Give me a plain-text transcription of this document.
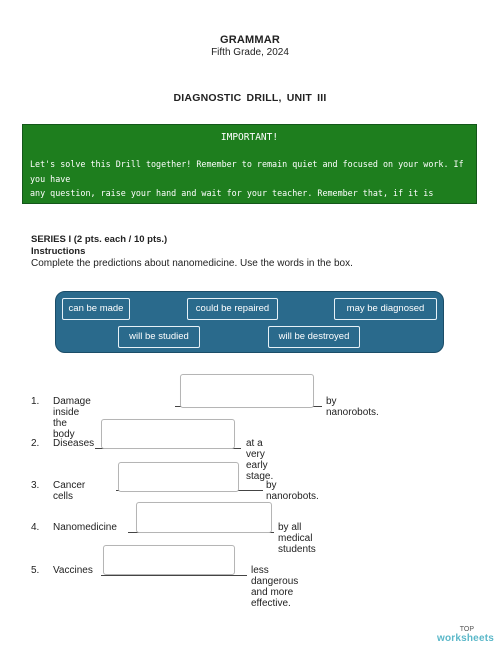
GRAMMAR
Fifth Grade, 2024
DIAGNOSTIC DRILL, UNIT III
IMPORTANT!
Let's solve this Drill together! Remember to remain quiet and focused on your work. If you have
any question, raise your hand and wait for your teacher. Remember that, if it is necessary to use
additional paper, your work must be organized, clean, and with legible handwriting.
SERIES I (2 pts. each / 10 pts.)
Instructions
Complete the predictions about nanomedicine. Use the words in the box.
can be made	could be repaired	may be diagnosed
will be studied	will be destroyed
1. Damage inside the body
by nanorobots.
2. Diseases	at a very early stage.
3. Cancer cells
by nanorobots.
4. Nanomedicine	by all medical students
5. Vaccines	less dangerous and more effective.
TOP
worksheets
